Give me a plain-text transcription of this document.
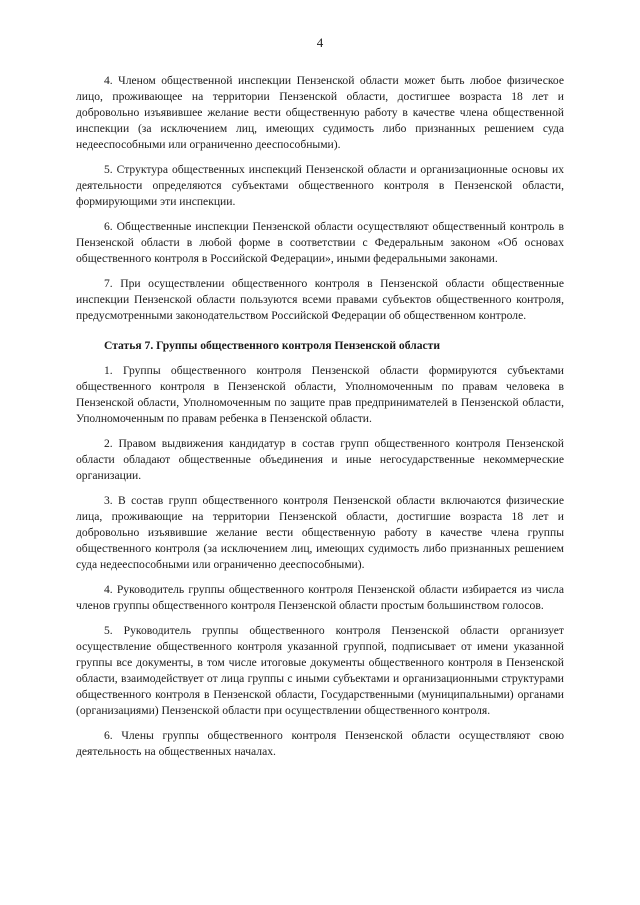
4

4. Членом общественной инспекции Пензенской области может быть любое физическое лицо, проживающее на территории Пензенской области, достигшее возраста 18 лет и добровольно изъявившее желание вести общественную работу в качестве члена общественной инспекции (за исключением лиц, имеющих судимость либо признанных решением суда недееспособными или ограниченно дееспособными).

5. Структура общественных инспекций Пензенской области и организационные основы их деятельности определяются субъектами общественного контроля в Пензенской области, формирующими эти инспекции.

6. Общественные инспекции Пензенской области осуществляют общественный контроль в Пензенской области в любой форме в соответствии с Федеральным законом «Об основах общественного контроля в Российской Федерации», иными федеральными законами.

7. При осуществлении общественного контроля в Пензенской области общественные инспекции Пензенской области пользуются всеми правами субъектов общественного контроля, предусмотренными законодательством Российской Федерации об общественном контроле.

Статья 7. Группы общественного контроля Пензенской области

1. Группы общественного контроля Пензенской области формируются субъектами общественного контроля в Пензенской области, Уполномоченным по правам человека в Пензенской области, Уполномоченным по защите прав предпринимателей в Пензенской области, Уполномоченным по правам ребенка в Пензенской области.

2. Правом выдвижения кандидатур в состав групп общественного контроля Пензенской области обладают общественные объединения и иные негосударственные некоммерческие организации.

3. В состав групп общественного контроля Пензенской области включаются физические лица, проживающие на территории Пензенской области, достигшие возраста 18 лет и добровольно изъявившие желание вести общественную работу в качестве члена группы общественного контроля (за исключением лиц, имеющих судимость либо признанных решением суда недееспособными или ограниченно дееспособными).

4. Руководитель группы общественного контроля Пензенской области избирается из числа членов группы общественного контроля Пензенской области простым большинством голосов.

5. Руководитель группы общественного контроля Пензенской области организует осуществление общественного контроля указанной группой, подписывает от имени указанной группы все документы, в том числе итоговые документы общественного контроля в Пензенской области, взаимодействует от лица группы с иными субъектами и организационными структурами общественного контроля в Пензенской области, Государственными (муниципальными) органами (организациями) Пензенской области при осуществлении общественного контроля.

6. Члены группы общественного контроля Пензенской области осуществляют свою деятельность на общественных началах.
